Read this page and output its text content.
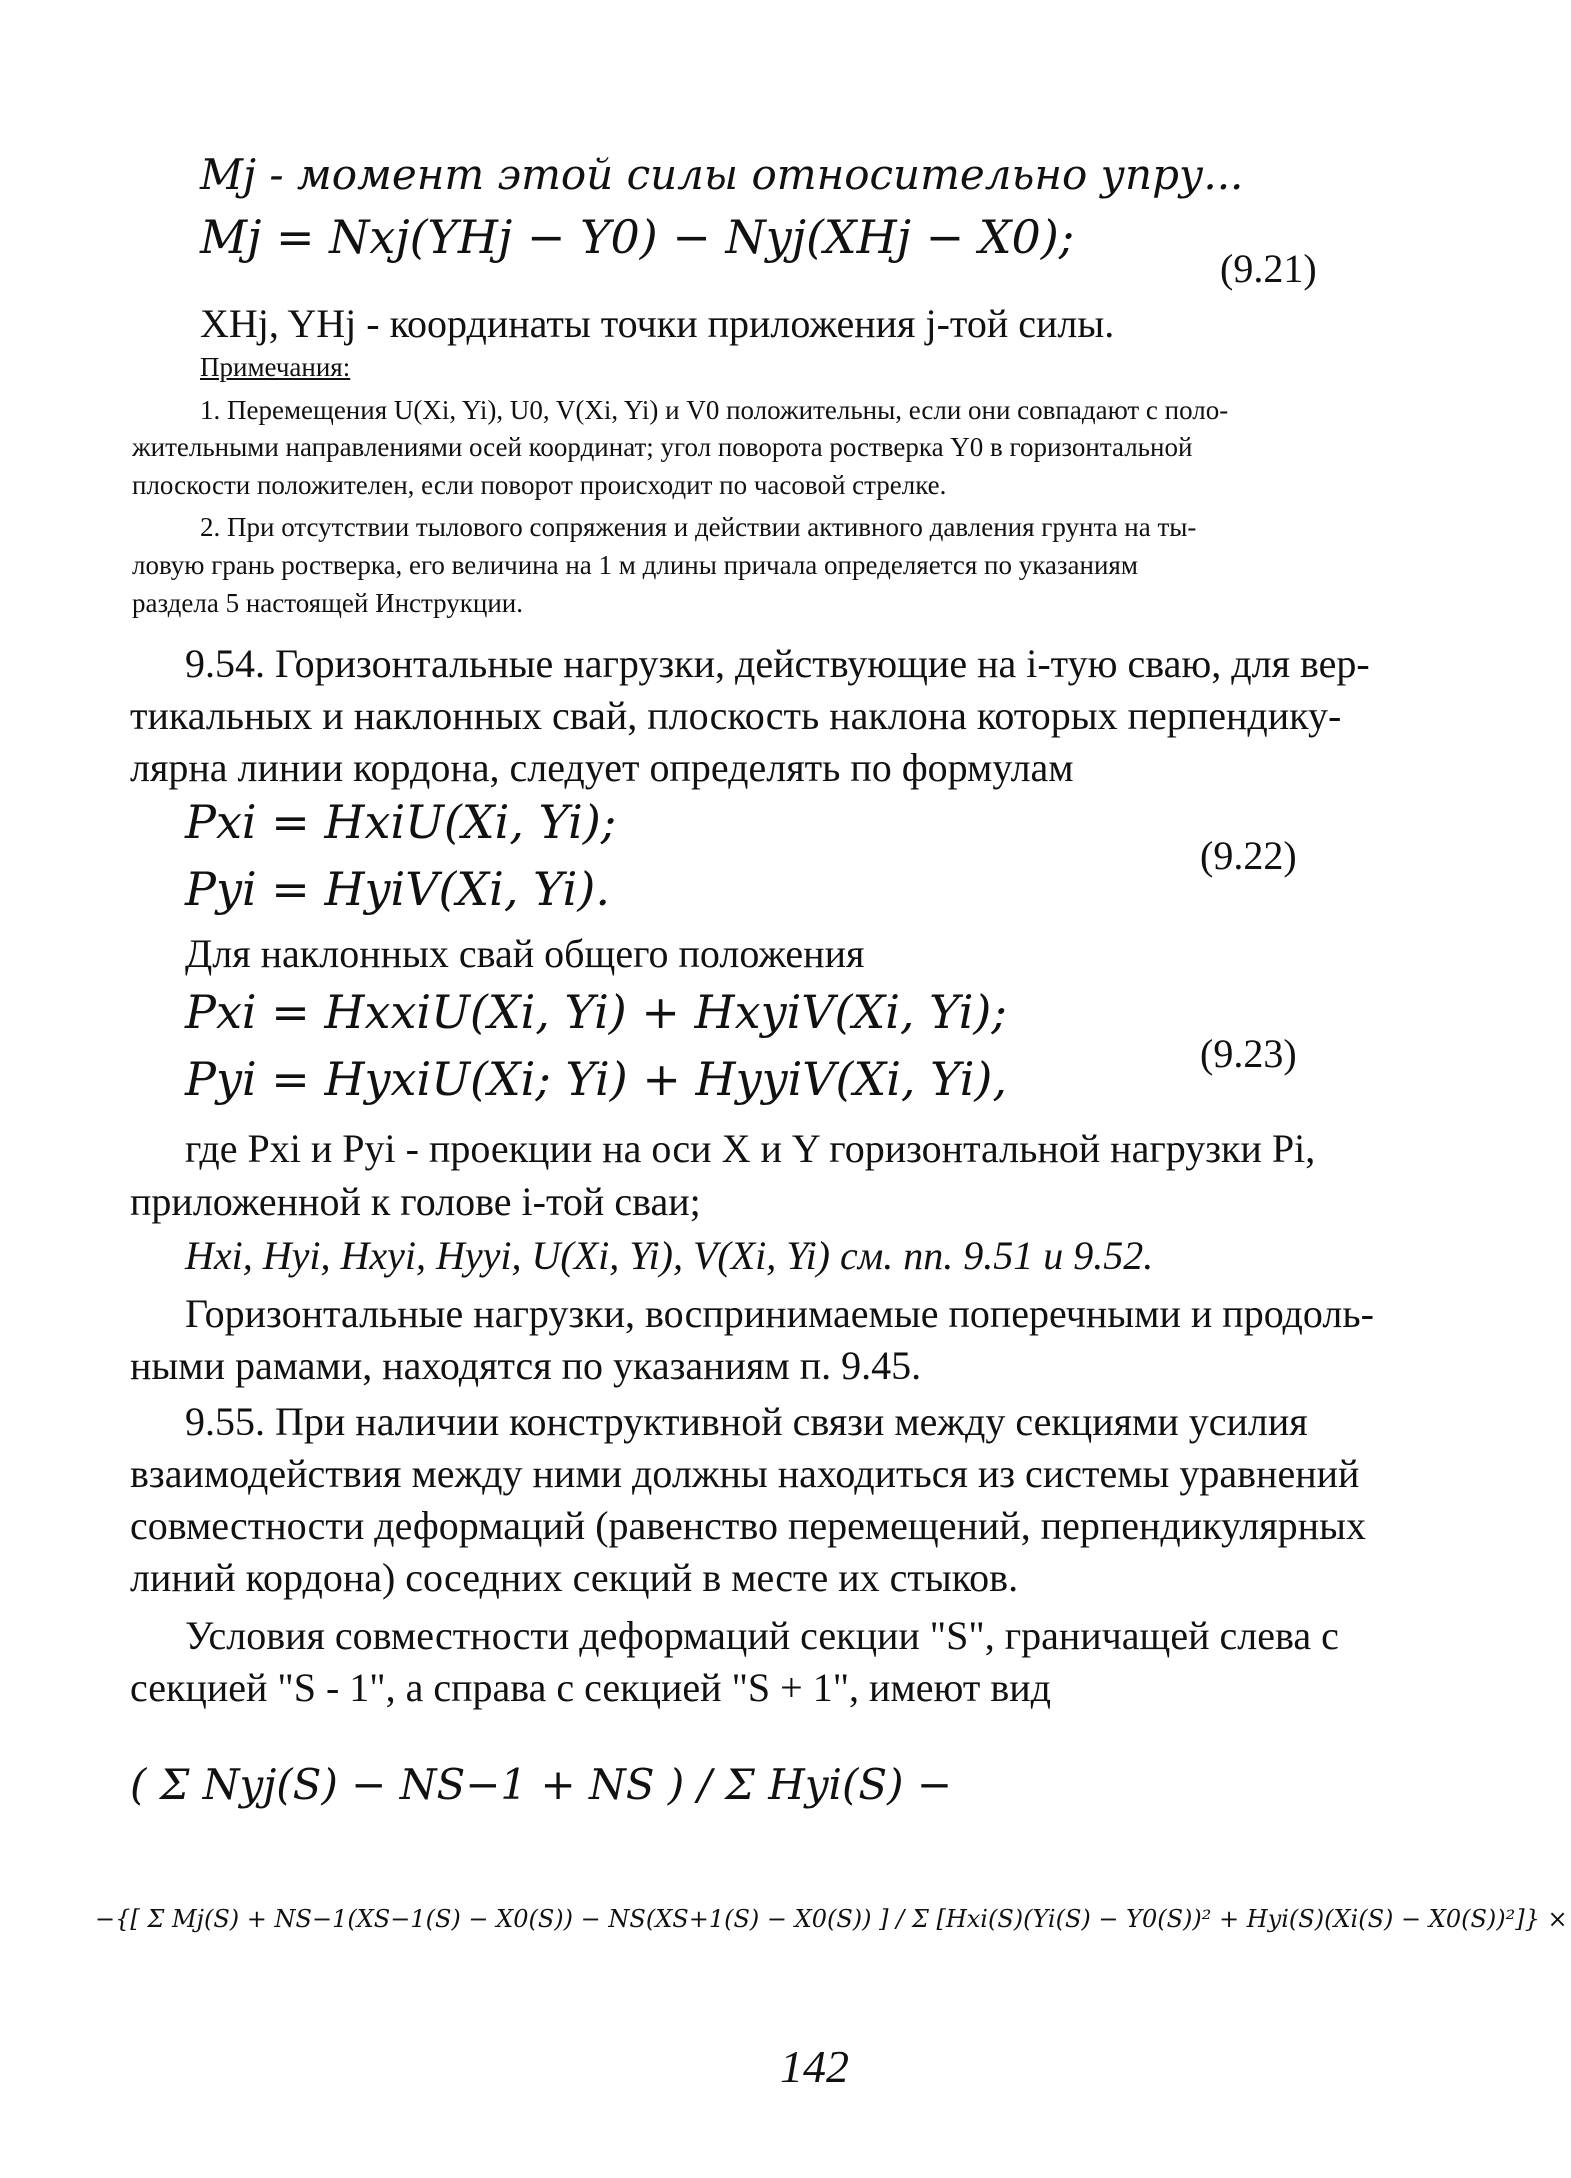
Mj - момент этой силы относительно упру...
Mj = Nxj(YHj − Y0) − Nyj(XHj − X0);
(9.21)
XHj, YHj - координаты точки приложения j-той силы.
Примечания:
1. Перемещения U(Xi, Yi), U0, V(Xi, Yi) и V0 положительны, если они совпадают с поло-
жительными направлениями осей координат; угол поворота ростверка Y0 в горизонтальной
плоскости положителен, если поворот происходит по часовой стрелке.
2. При отсутствии тылового сопряжения и действии активного давления грунта на ты-
ловую грань ростверка, его величина на 1 м длины причала определяется по указаниям
раздела 5 настоящей Инструкции.
9.54. Горизонтальные нагрузки, действующие на i-тую сваю, для вер-
тикальных и наклонных свай, плоскость наклона которых перпендику-
лярна линии кордона, следует определять по формулам
Pxi = HxiU(Xi, Yi);
Pyi = HyiV(Xi, Yi).
(9.22)
Для наклонных свай общего положения
Pxi = HxxiU(Xi, Yi) + HxyiV(Xi, Yi);
Pyi = HyxiU(Xi; Yi) + HyyiV(Xi, Yi),	(9.23)
где Pxi и Pyi - проекции на оси X и Y горизонтальной нагрузки Pi,
приложенной к голове i-той сваи;
Hxi, Hyi, Hxyi, Hyyi, U(Xi, Yi), V(Xi, Yi) см. пп. 9.51 и 9.52.
Горизонтальные нагрузки, воспринимаемые поперечными и продоль-
ными рамами, находятся по указаниям п. 9.45.
9.55. При наличии конструктивной связи между секциями усилия
взаимодействия между ними должны находиться из системы уравнений
совместности деформаций (равенство перемещений, перпендикулярных
линий кордона) соседних секций в месте их стыков.
Условия совместности деформаций секции "S", граничащей слева с
секцией "S - 1", а справа с секцией "S + 1", имеют вид
( Σ Nyj(S) − NS−1 + NS ) / Σ Hyi(S) −
−{[ Σ Mj(S) + NS−1(XS−1(S) − X0(S)) − NS(XS+1(S) − X0(S)) ] / Σ [Hxi(S)(Yi(S) − Y0(S))² + Hyi(S)(Xi(S) − X0(S))²]} ×
142
